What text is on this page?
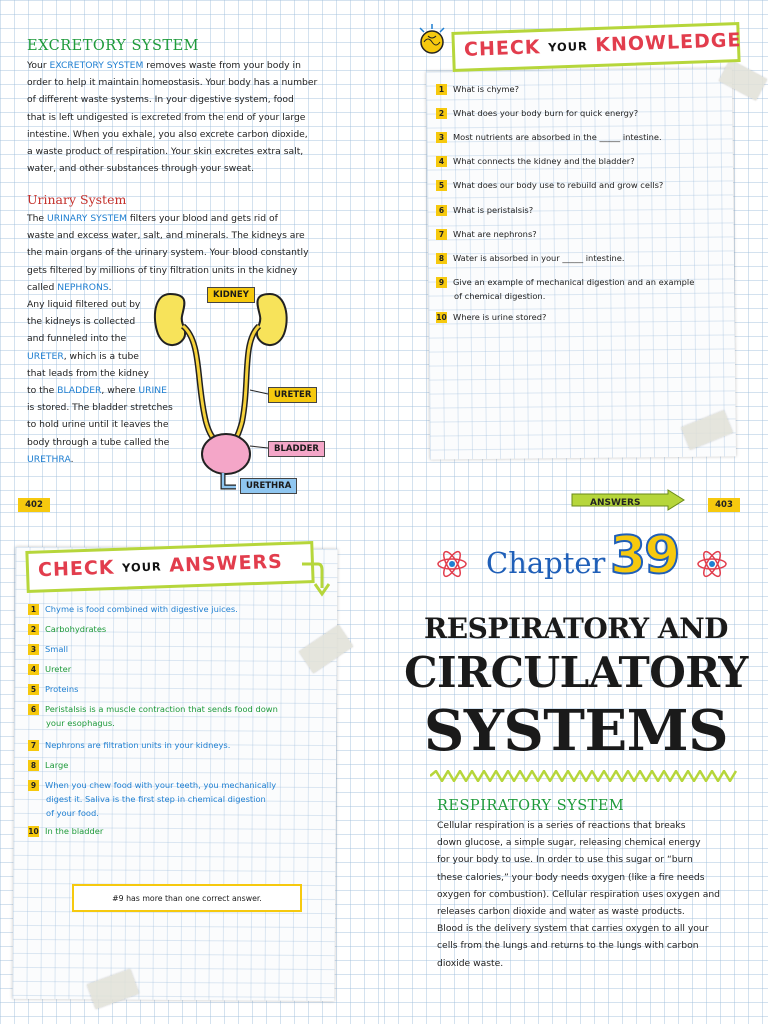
EXCRETORY SYSTEM
Your EXCRETORY SYSTEM removes waste from your body in
order to help it maintain homeostasis. Your body has a number
of different waste systems. In your digestive system, food
that is left undigested is excreted from the end of your large
intestine. When you exhale, you also excrete carbon dioxide,
a waste product of respiration. Your skin excretes extra salt,
water, and other substances through your sweat.
Urinary System
The URINARY SYSTEM filters your blood and gets rid of
waste and excess water, salt, and minerals. The kidneys are
the main organs of the urinary system. Your blood constantly
gets filtered by millions of tiny filtration units in the kidney
called NEPHRONS.
Any liquid filtered out by
the kidneys is collected
and funneled into the
URETER, which is a tube
that leads from the kidney
to the BLADDER, where URINE
is stored. The bladder stretches
to hold urine until it leaves the
body through a tube called the
URETHRA.
KIDNEY
URETER
BLADDER
URETHRA
402
CHECK YOUR KNOWLEDGE
1 What is chyme?
2 What does your body burn for quick energy?
3 Most nutrients are absorbed in the _____ intestine.
4 What connects the kidney and the bladder?
5 What does our body use to rebuild and grow cells?
6 What is peristalsis?
7 What are nephrons?
8 Water is absorbed in your _____ intestine.
9 Give an example of mechanical digestion and an example
of chemical digestion.
10 Where is urine stored?
ANSWERS	403
CHECK YOUR ANSWERS
1 Chyme is food combined with digestive juices.
2 Carbohydrates
3 Small
4 Ureter
5 Proteins
6 Peristalsis is a muscle contraction that sends food down
your esophagus.
7 Nephrons are filtration units in your kidneys.
8 Large
9 When you chew food with your teeth, you mechanically
digest it. Saliva is the first step in chemical digestion
of your food.
10 In the bladder
#9 has more than one correct answer.
Chapter 39
RESPIRATORY AND
CIRCULATORY
SYSTEMS
RESPIRATORY SYSTEM
Cellular respiration is a series of reactions that breaks
down glucose, a simple sugar, releasing chemical energy
for your body to use. In order to use this sugar or “burn
these calories,” your body needs oxygen (like a fire needs
oxygen for combustion). Cellular respiration uses oxygen and
releases carbon dioxide and water as waste products.
Blood is the delivery system that carries oxygen to all your
cells from the lungs and returns to the lungs with carbon
dioxide waste.
